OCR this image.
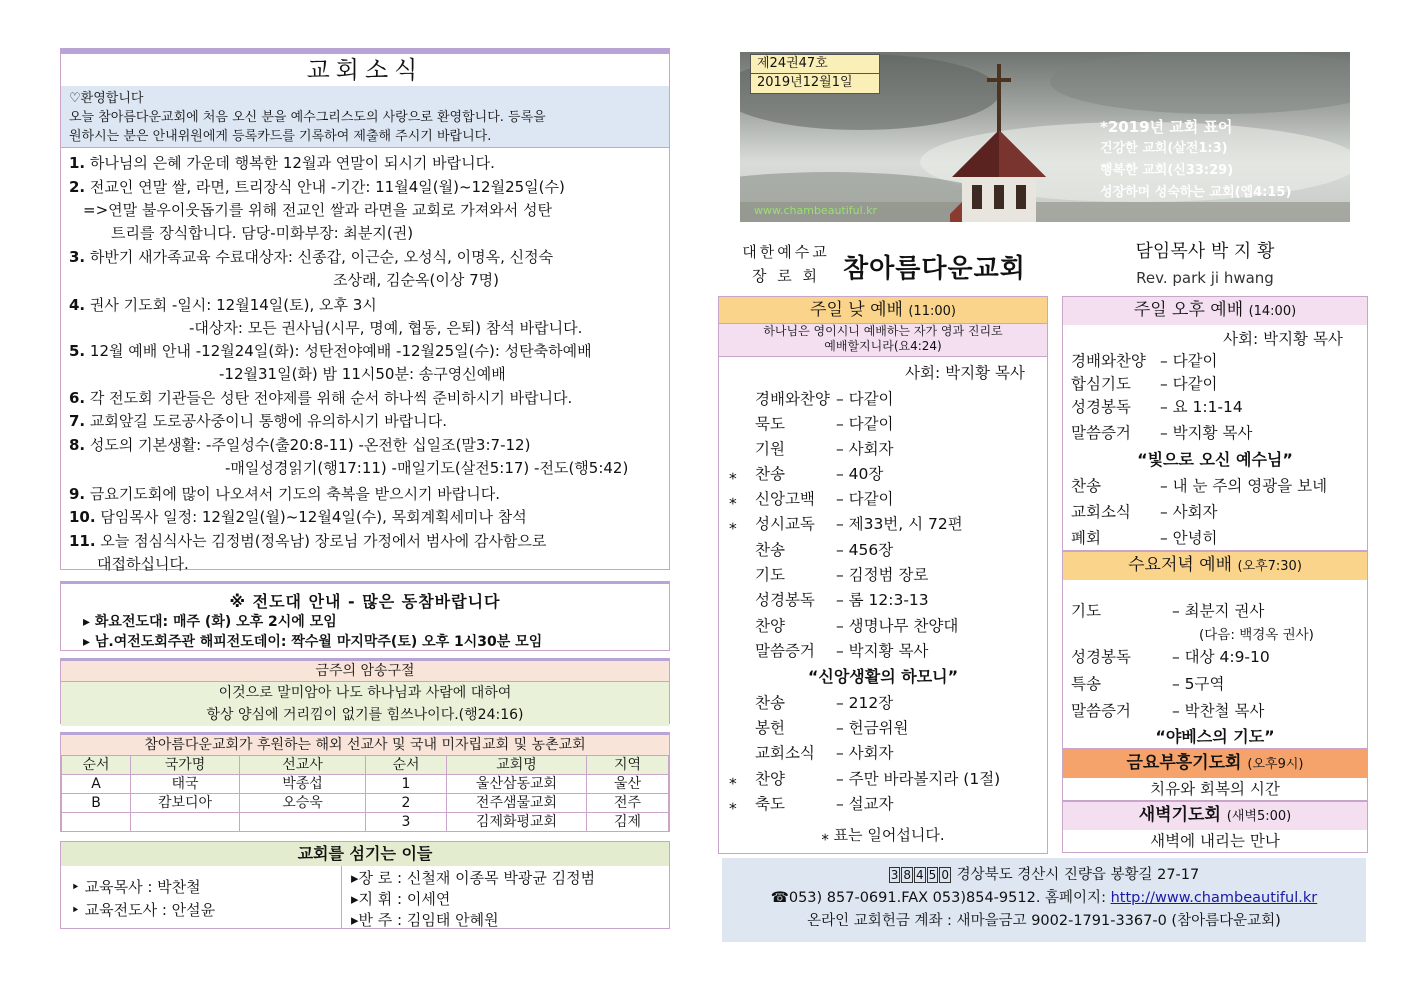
교회소식
♡환영합니다
오늘 참아름다운교회에 처음 오신 분을 예수그리스도의 사랑으로 환영합니다. 등록을
원하시는 분은 안내위원에게 등록카드를 기록하여 제출해 주시기 바랍니다.
1. 하나님의 은혜 가운데 행복한 12월과 연말이 되시기 바랍니다.
2. 전교인 연말 쌀, 라면, 트리장식 안내 -기간: 11월4일(월)~12월25일(수)
=>연말 불우이웃돕기를 위해 전교인 쌀과 라면을 교회로 가져와서 성탄
트리를 장식합니다. 담당-미화부장: 최분지(권)
3. 하반기 새가족교육 수료대상자: 신종갑, 이근순, 오성식, 이명옥, 신정숙
조상래, 김순옥(이상 7명)
4. 권사 기도회 -일시: 12월14일(토), 오후 3시
-대상자: 모든 권사님(시무, 명예, 협동, 은퇴) 참석 바랍니다.
5. 12월 예배 안내 -12월24일(화): 성탄전야예배 -12월25일(수): 성탄축하예배
-12월31일(화) 밤 11시50분: 송구영신예배
6. 각 전도회 기관들은 성탄 전야제를 위해 순서 하나씩 준비하시기 바랍니다.
7. 교회앞길 도로공사중이니 통행에 유의하시기 바랍니다.
8. 성도의 기본생활: -주일성수(출20:8-11) -온전한 십일조(말3:7-12)
-매일성경읽기(행17:11) -매일기도(살전5:17) -전도(행5:42)
9. 금요기도회에 많이 나오셔서 기도의 축복을 받으시기 바랍니다.
10. 담임목사 일정: 12월2일(월)~12월4일(수), 목회계획세미나 참석
11. 오늘 점심식사는 김정범(정옥남) 장로님 가정에서 범사에 감사함으로
대접하십니다.
※ 전도대 안내 - 많은 동참바랍니다
▸ 화요전도대: 매주 (화) 오후 2시에 모임
▸ 남.여전도회주관 해피전도데이: 짝수월 마지막주(토) 오후 1시30분 모임
금주의 암송구절
이것으로 말미암아 나도 하나님과 사람에 대하여
항상 양심에 거리낌이 없기를 힘쓰나이다.(행24:16)
참아름다운교회가 후원하는 해외 선교사 및 국내 미자립교회 및 농촌교회
순서	국가명	선교사	순서	교회명	지역
A	태국	박종섭	1	울산삼동교회	울산
B	캄보디아	오승욱	2	전주샘물교회	전주
			3	김제화평교회	김제
교회를 섬기는 이들
‣ 교육목사 : 박찬철
‣ 교육전도사 : 안설윤
▸장 로 : 신철재 이종목 박광균 김정범
▸지 휘 : 이세연
▸반 주 : 김임태 안혜원
제24권47호
2019년12월1일
*2019년 교회 표어
건강한 교회(살전1:3)
행복한 교회(신33:29)
성장하며 성숙하는 교회(엡4:15)
www.chambeautiful.kr
대한예수교
장 로 회 참아름다운교회
담임목사 박 지 황
Rev. park ji hwang
주일 낮 예배 (11:00)
하나님은 영이시니 예배하는 자가 영과 진리로
예배할지니라(요4:24)
사회: 박지황 목사
경배와찬양 – 다같이
묵도	– 다같이
기원	– 사회자
⁎ 찬송	– 40장
⁎ 신앙고백 – 다같이
⁎ 성시교독 – 제33번, 시 72편
찬송	– 456장
기도	– 김정범 장로
성경봉독 – 롬 12:3-13
찬양	– 생명나무 찬양대
말씀증거 – 박지황 목사
“신앙생활의 하모니”
찬송	– 212장
봉헌	– 헌금위원
교회소식 – 사회자
⁎ 찬양	– 주만 바라볼지라 (1절)
⁎ 축도	– 설교자
⁎ 표는 일어섭니다.
주일 오후 예배 (14:00)
사회: 박지황 목사
경배와찬양 – 다같이
합심기도 – 다같이
성경봉독 – 요 1:1-14
말씀증거 – 박지황 목사
“빛으로 오신 예수님”
찬송	– 내 눈 주의 영광을 보네
교회소식 – 사회자
폐회	– 안녕히
수요저녁 예배 (오후7:30)
기도	– 최분지 권사
(다음: 백경옥 권사)
성경봉독	– 대상 4:9-10
특송	– 5구역
말씀증거	– 박찬철 목사
“야베스의 기도”
금요부흥기도회 (오후9시)
치유와 회복의 시간
새벽기도회 (새벽5:00)
새벽에 내리는 만나
3 8 4 5 0 경상북도 경산시 진량읍 봉황길 27-17
☎053) 857-0691.FAX 053)854-9512. 홈페이지: http://www.chambeautiful.kr
온라인 교회헌금 계좌 : 새마을금고 9002-1791-3367-0 (참아름다운교회)
